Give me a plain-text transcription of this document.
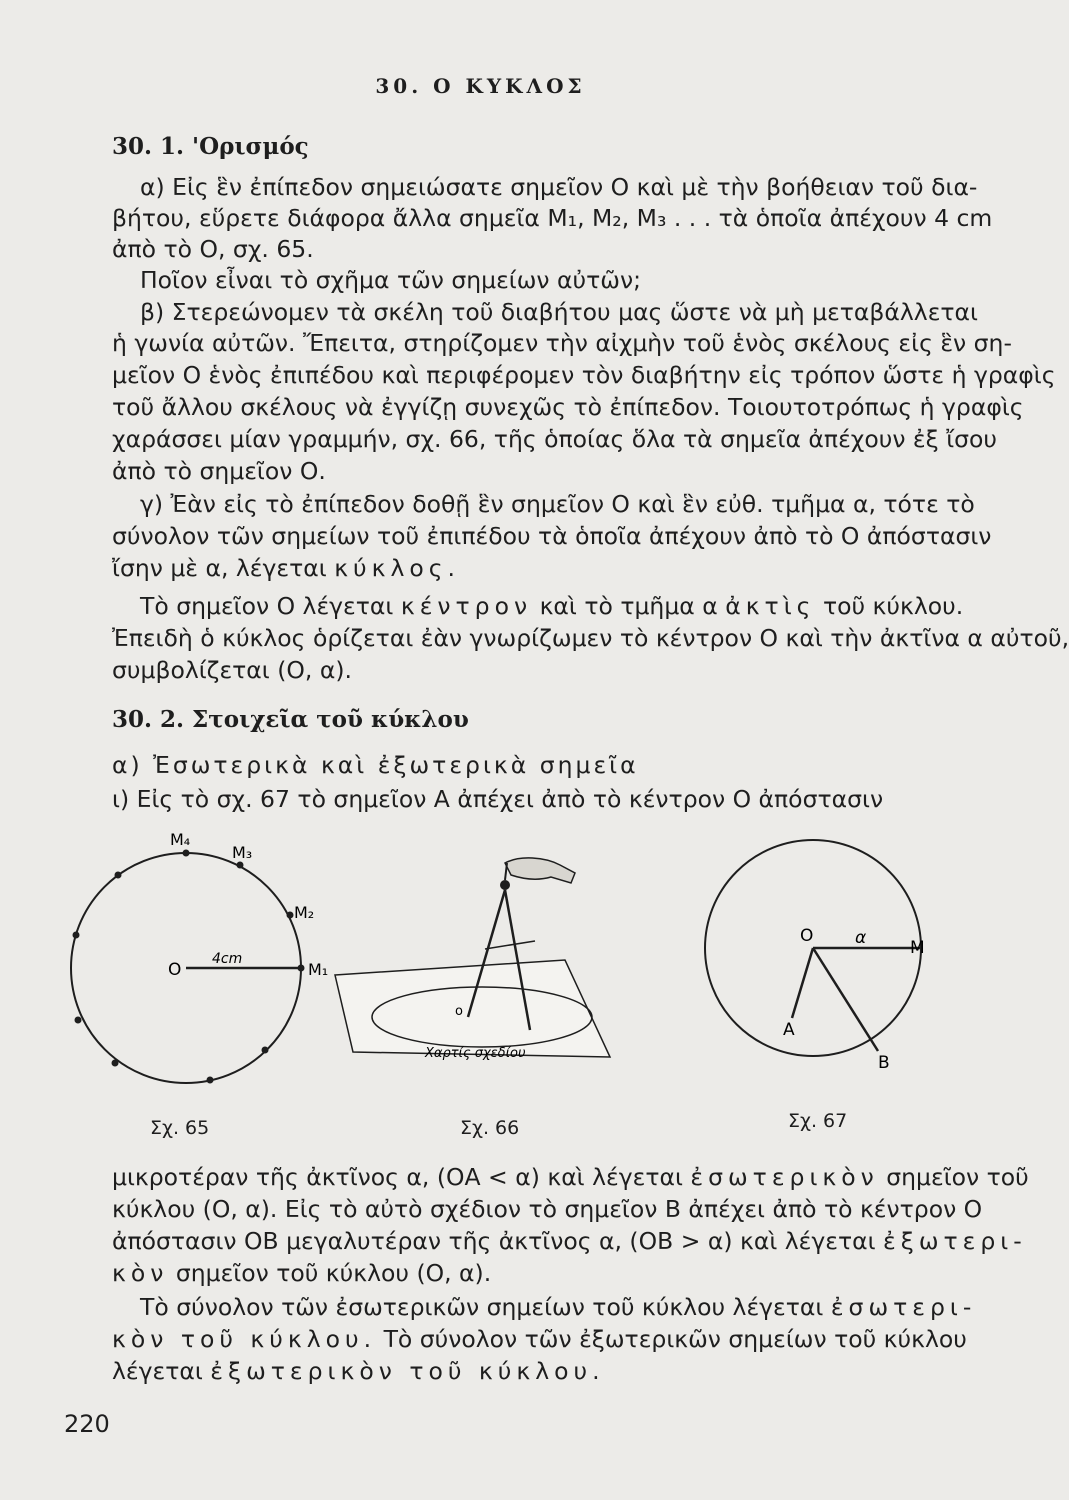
30. Ο ΚΥΚΛΟΣ
30. 1. 'Ορισμός
α) Εἰς ἓν ἐπίπεδον σημειώσατε σημεῖον Ο καὶ μὲ τὴν βοήθειαν τοῦ δια-
βήτου, εὕρετε διάφορα ἄλλα σημεῖα Μ₁, Μ₂, Μ₃ . . . τὰ ὁποῖα ἀπέχουν 4 cm
ἀπὸ τὸ Ο, σχ. 65.
Ποῖον εἶναι τὸ σχῆμα τῶν σημείων αὐτῶν;
β) Στερεώνομεν τὰ σκέλη τοῦ διαβήτου μας ὥστε νὰ μὴ μεταβάλλεται
ἡ γωνία αὐτῶν. Ἔπειτα, στηρίζομεν τὴν αἰχμὴν τοῦ ἑνὸς σκέλους εἰς ἓν ση-
μεῖον Ο ἑνὸς ἐπιπέδου καὶ περιφέρομεν τὸν διαβήτην εἰς τρόπον ὥστε ἡ γραφὶς
τοῦ ἄλλου σκέλους νὰ ἐγγίζῃ συνεχῶς τὸ ἐπίπεδον. Τοιουτοτρόπως ἡ γραφὶς
χαράσσει μίαν γραμμήν, σχ. 66, τῆς ὁποίας ὅλα τὰ σημεῖα ἀπέχουν ἐξ ἴσου
ἀπὸ τὸ σημεῖον Ο.
γ) Ἐὰν εἰς τὸ ἐπίπεδον δοθῇ ἓν σημεῖον Ο καὶ ἓν εὐθ. τμῆμα α, τότε τὸ
σύνολον τῶν σημείων τοῦ ἐπιπέδου τὰ ὁποῖα ἀπέχουν ἀπὸ τὸ Ο ἀπόστασιν
ἴσην μὲ α, λέγεται κύκλος.
Τὸ σημεῖον Ο λέγεται κέντρον καὶ τὸ τμῆμα α ἀκτὶς τοῦ κύκλου.
Ἐπειδὴ ὁ κύκλος ὁρίζεται ἐὰν γνωρίζωμεν τὸ κέντρον Ο καὶ τὴν ἀκτῖνα α αὐτοῦ,
συμβολίζεται (Ο, α).
30. 2. Στοιχεῖα τοῦ κύκλου
α) Ἐσωτερικὰ καὶ ἐξωτερικὰ σημεῖα
ι) Εἰς τὸ σχ. 67 τὸ σημεῖον Α ἀπέχει ἀπὸ τὸ κέντρον Ο ἀπόστασιν
Ο
4cm
M₁
M₂
M₃
M₄
Σχ. 65
ο
Χαρτίς σχεδίου
Σχ. 66
Ο α	Μ
Α
Β
Σχ. 67
μικροτέραν τῆς ἀκτῖνος α, (ΟΑ < α) καὶ λέγεται ἐσωτερικὸν σημεῖον τοῦ
κύκλου (Ο, α). Εἰς τὸ αὐτὸ σχέδιον τὸ σημεῖον Β ἀπέχει ἀπὸ τὸ κέντρον Ο
ἀπόστασιν ΟΒ μεγαλυτέραν τῆς ἀκτῖνος α, (ΟΒ > α) καὶ λέγεται ἐξωτερι-
κὸν σημεῖον τοῦ κύκλου (Ο, α).
Τὸ σύνολον τῶν ἐσωτερικῶν σημείων τοῦ κύκλου λέγεται ἐσωτερι-
κὸν τοῦ κύκλου. Τὸ σύνολον τῶν ἐξωτερικῶν σημείων τοῦ κύκλου
λέγεται ἐξωτερικὸν τοῦ κύκλου.
220
